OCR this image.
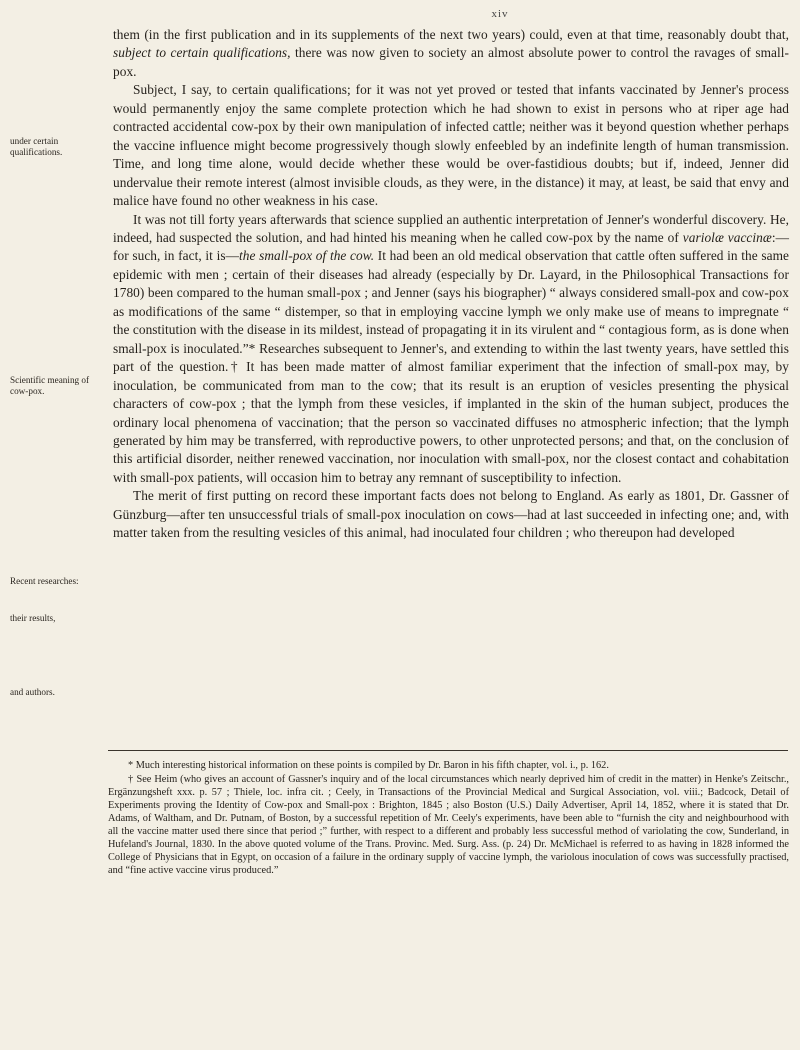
xiv
under certain qualifications.
Scientific meaning of cow-pox.
Recent researches:
their results,
and authors.

them (in the first publication and in its supplements of the next two years) could, even at that time, reasonably doubt that, subject to certain qualifications, there was now given to society an almost absolute power to control the ravages of small-pox.

Subject, I say, to certain qualifications; for it was not yet proved or tested that infants vaccinated by Jenner's process would permanently enjoy the same complete protection which he had shown to exist in persons who at riper age had contracted accidental cow-pox by their own manipulation of infected cattle; neither was it beyond question whether perhaps the vaccine influence might become progressively though slowly enfeebled by an indefinite length of human transmission. Time, and long time alone, would decide whether these would be over-fastidious doubts; but if, indeed, Jenner did undervalue their remote interest (almost invisible clouds, as they were, in the distance) it may, at least, be said that envy and malice have found no other weakness in his case.

It was not till forty years afterwards that science supplied an authentic interpretation of Jenner's wonderful discovery. He, indeed, had suspected the solution, and had hinted his meaning when he called cow-pox by the name of variolæ vaccinæ:—for such, in fact, it is—the small-pox of the cow. It had been an old medical observation that cattle often suffered in the same epidemic with men ; certain of their diseases had already (especially by Dr. Layard, in the Philosophical Transactions for 1780) been compared to the human small-pox ; and Jenner (says his biographer) “ always considered small-pox and cow-pox as modifications of the same “ distemper, so that in employing vaccine lymph we only make use of means to impregnate “ the constitution with the disease in its mildest, instead of propagating it in its virulent and “ contagious form, as is done when small-pox is inoculated.”* Researches subsequent to Jenner's, and extending to within the last twenty years, have settled this part of the question.† It has been made matter of almost familiar experiment that the infection of small-pox may, by inoculation, be communicated from man to the cow; that its result is an eruption of vesicles presenting the physical characters of cow-pox ; that the lymph from these vesicles, if implanted in the skin of the human subject, produces the ordinary local phenomena of vaccination; that the person so vaccinated diffuses no atmospheric infection; that the lymph generated by him may be transferred, with reproductive powers, to other unprotected persons; and that, on the conclusion of this artificial disorder, neither renewed vaccination, nor inoculation with small-pox, nor the closest contact and cohabitation with small-pox patients, will occasion him to betray any remnant of susceptibility to infection.

The merit of first putting on record these important facts does not belong to England. As early as 1801, Dr. Gassner of Günzburg—after ten unsuccessful trials of small-pox inoculation on cows—had at last succeeded in infecting one; and, with matter taken from the resulting vesicles of this animal, had inoculated four children ; who thereupon had developed

* Much interesting historical information on these points is compiled by Dr. Baron in his fifth chapter, vol. i., p. 162.

† See Heim (who gives an account of Gassner's inquiry and of the local circumstances which nearly deprived him of credit in the matter) in Henke's Zeitschr., Ergänzungsheft xxx. p. 57 ; Thiele, loc. infra cit. ; Ceely, in Transactions of the Provincial Medical and Surgical Association, vol. viii.; Badcock, Detail of Experiments proving the Identity of Cow-pox and Small-pox : Brighton, 1845 ; also Boston (U.S.) Daily Advertiser, April 14, 1852, where it is stated that Dr. Adams, of Waltham, and Dr. Putnam, of Boston, by a successful repetition of Mr. Ceely's experiments, have been able to “furnish the city and neighbourhood with all the vaccine matter used there since that period ;” further, with respect to a different and probably less successful method of variolating the cow, Sunderland, in Hufeland's Journal, 1830. In the above quoted volume of the Trans. Provinc. Med. Surg. Ass. (p. 24) Dr. McMichael is referred to as having in 1828 informed the College of Physicians that in Egypt, on occasion of a failure in the ordinary supply of vaccine lymph, the variolous inoculation of cows was successfully practised, and “fine active vaccine virus produced.”
